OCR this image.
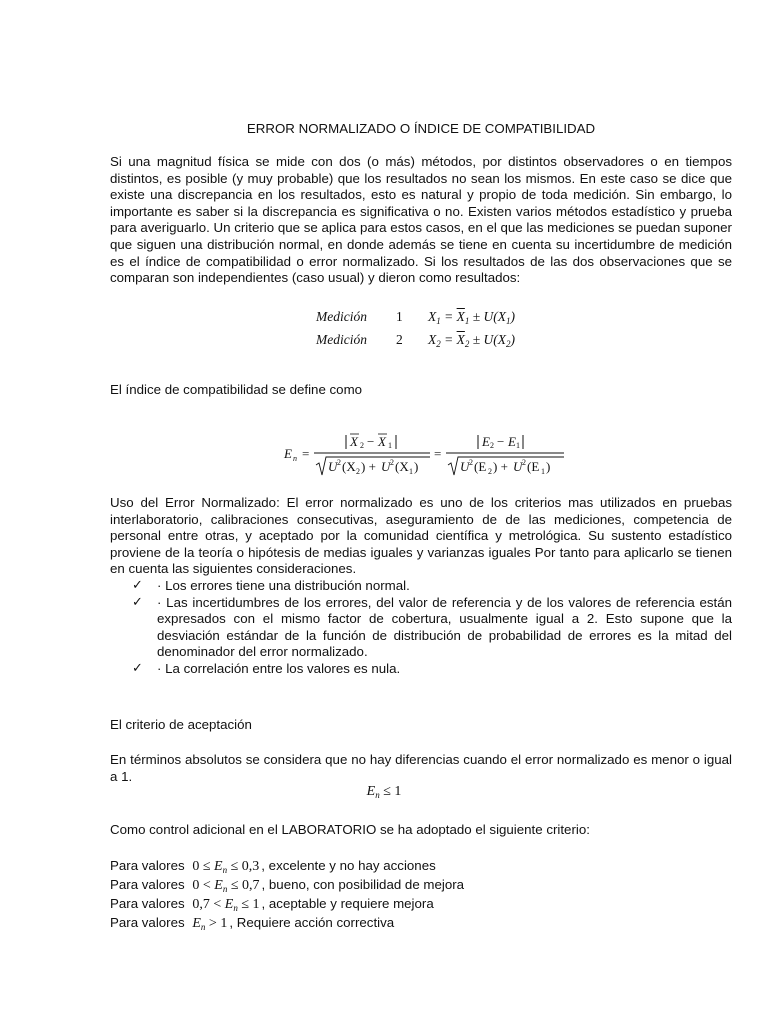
ERROR NORMALIZADO O ÍNDICE DE COMPATIBILIDAD

Si una magnitud física se mide con dos (o más) métodos, por distintos observadores o en tiempos distintos, es posible (y muy probable) que los resultados no sean los mismos. En este caso se dice que existe una discrepancia en los resultados, esto es natural y propio de toda medición. Sin embargo, lo importante es saber si la discrepancia es significativa o no. Existen varios métodos estadístico y prueba para averiguarlo. Un criterio que se aplica para estos casos, en el que las mediciones se puedan suponer que siguen una distribución normal, en donde además se tiene en cuenta su incertidumbre de medición es el índice de compatibilidad o error normalizado. Si los resultados de las dos observaciones que se comparan son independientes (caso usual) y dieron como resultados:

Medición 1 $X_1 = \overline{X}_1 \pm U(X_1)$
Medición 2 $X_2 = \overline{X}_2 \pm U(X_2)$

El índice de compatibilidad se define como

E n =
X 2 − X 1
U 2 (X 2 ) + U 2 (X 1 )
=
E 2 − E 1
U 2 (E 2 ) + U 2 (E 1 )

Uso del Error Normalizado: El error normalizado es uno de los criterios mas utilizados en pruebas interlaboratorio, calibraciones consecutivas, aseguramiento de de las mediciones, competencia de personal entre otras, y aceptado por la comunidad científica y metrológica. Su sustento estadístico proviene de la teoría o hipótesis de medias iguales y varianzas iguales Por tanto para aplicarlo se tienen en cuenta las siguientes consideraciones.

✓ · Los errores tiene una distribución normal.
✓ · Las incertidumbres de los errores, del valor de referencia y de los valores de referencia están expresados con el mismo factor de cobertura, usualmente igual a 2. Esto supone que la desviación estándar de la función de distribución de probabilidad de errores es la mitad del denominador del error normalizado.
✓ · La correlación entre los valores es nula.

El criterio de aceptación

En términos absolutos se considera que no hay diferencias cuando el error normalizado es menor o igual a 1.

$E_n \le 1$

Como control adicional en el LABORATORIO se ha adoptado el siguiente criterio:

Para valores $0 \le E_n \le 0,3$ , excelente y no hay acciones
Para valores $0 < E_n \le 0,7$ , bueno, con posibilidad de mejora
Para valores $0,7 < E_n \le 1$ , aceptable y requiere mejora
Para valores $E_n > 1$ , Requiere acción correctiva
